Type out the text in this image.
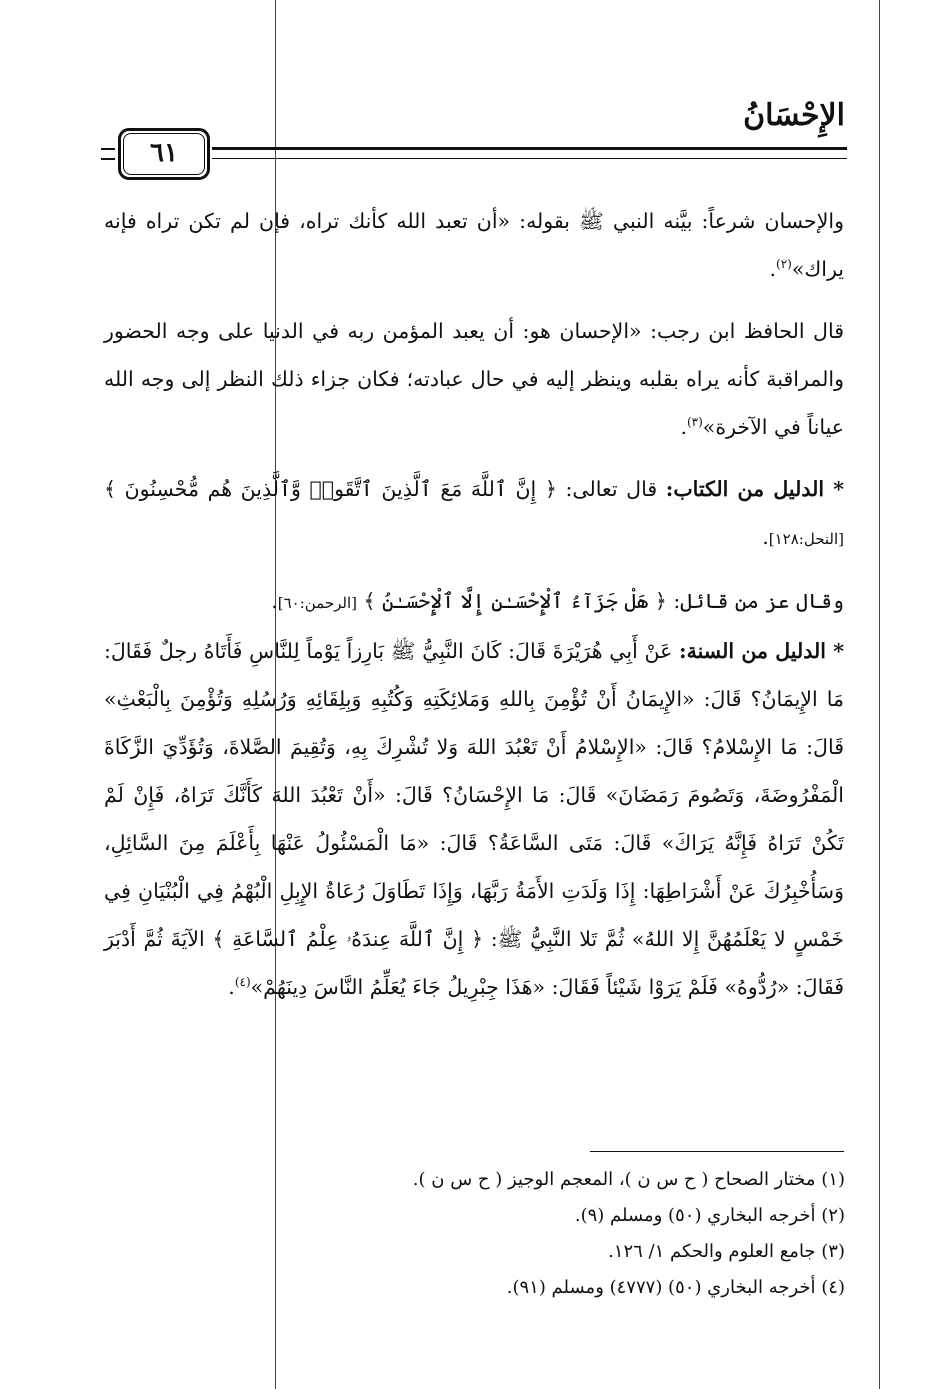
الإِحْسَانُ
٦١

والإحسان شرعاً: بيَّنه النبي ﷺ بقوله: «أن تعبد الله كأنك تراه، فإن لم تكن تراه فإنه يراك»$^{(٢)}$.

قال الحافظ ابن رجب: «الإحسان هو: أن يعبد المؤمن ربه في الدنيا على وجه الحضور والمراقبة كأنه يراه بقلبه وينظر إليه في حال عبادته؛ فكان جزاء ذلك النظر إلى وجه الله عياناً في الآخرة»$^{(٣)}$.

* الدليل من الكتاب: قال تعالى: ﴿ إِنَّ ٱللَّهَ مَعَ ٱلَّذِينَ ٱتَّقَوا۟ وَّٱلَّذِينَ هُم مُّحْسِنُونَ ﴾ [النحل:١٢٨].

وقال عز من قائل: ﴿ هَلْ جَزَآءُ ٱلْإِحْسَـٰنِ إِلَّا ٱلْإِحْسَـٰنُ ﴾ [الرحمن:٦٠].

* الدليل من السنة: عَنْ أَبِي هُرَيْرَةَ قَالَ: كَانَ النَّبِيُّ ﷺ بَارِزاً يَوْماً لِلنَّاسِ فَأَتَاهُ رجلٌ فَقَالَ: مَا الإِيمَانُ؟ قَالَ: «الإِيمَانُ أَنْ تُؤْمِنَ بِاللهِ وَمَلائِكَتِهِ وَكُتُبِهِ وَبِلِقَائِهِ وَرُسُلِهِ وَتُؤْمِنَ بِالْبَعْثِ» قَالَ: مَا الإِسْلامُ؟ قَالَ: «الإِسْلامُ أَنْ تَعْبُدَ اللهَ وَلا تُشْرِكَ بِهِ، وَتُقِيمَ الصَّلاةَ، وَتُؤَدِّيَ الزَّكَاةَ الْمَفْرُوضَةَ، وَتَصُومَ رَمَضَانَ» قَالَ: مَا الإِحْسَانُ؟ قَالَ: «أَنْ تَعْبُدَ اللهَ كَأَنَّكَ تَرَاهُ، فَإِنْ لَمْ تَكُنْ تَرَاهُ فَإِنَّهُ يَرَاكَ» قَالَ: مَتَى السَّاعَةُ؟ قَالَ: «مَا الْمَسْئُولُ عَنْهَا بِأَعْلَمَ مِنَ السَّائِلِ، وَسَأُخْبِرُكَ عَنْ أَشْرَاطِهَا: إِذَا وَلَدَتِ الأَمَةُ رَبَّهَا، وَإِذَا تَطَاوَلَ رُعَاةُ الإِبِلِ الْبُهْمُ فِي الْبُنْيَانِ فِي خَمْسٍ لا يَعْلَمُهُنَّ إِلا اللهُ» ثُمَّ تَلا النَّبِيُّ ﷺ: ﴿ إِنَّ ٱللَّهَ عِندَهُۥ عِلْمُ ٱلسَّاعَةِ ﴾ الآيَةَ ثُمَّ أَدْبَرَ فَقَالَ: «رُدُّوهُ» فَلَمْ يَرَوْا شَيْئاً فَقَالَ: «هَذَا جِبْرِيلُ جَاءَ يُعَلِّمُ النَّاسَ دِينَهُمْ»$^{(٤)}$.

(١) مختار الصحاح ( ح س ن )، المعجم الوجيز ( ح س ن ).

(٢) أخرجه البخاري (٥٠) ومسلم (٩).

(٣) جامع العلوم والحكم ١/ ١٢٦.

(٤) أخرجه البخاري (٥٠) (٤٧٧٧) ومسلم (٩١).
